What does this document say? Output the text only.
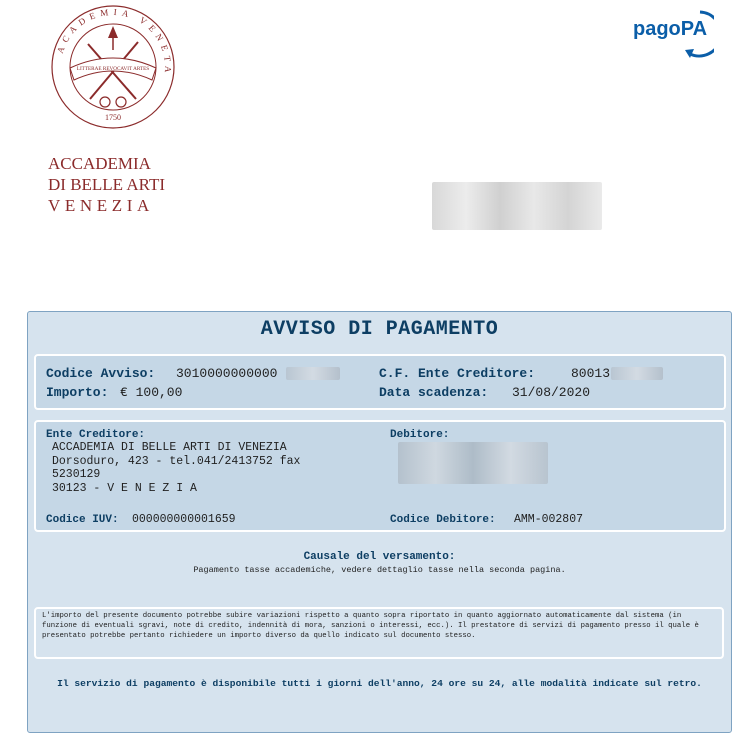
ACADEMIA VENETA
LITTERAE REVOCAVIT ARTES
1750
ACCADEMIA
DI BELLE ARTI
VENEZIA
pagoPA
AVVISO DI PAGAMENTO
Codice Avviso: 3010000000000	C.F. Ente Creditore:	80013
Importo: € 100,00	Data scadenza: 31/08/2020
Ente Creditore:
ACCADEMIA DI BELLE ARTI DI VENEZIA
Dorsoduro, 423 - tel.041/2413752 fax
5230129
30123 - V E N E Z I A
Debitore:
Codice IUV: 000000000001659	Codice Debitore: AMM-002807
Causale del versamento:
Pagamento tasse accademiche, vedere dettaglio tasse nella seconda pagina.
L'importo del presente documento potrebbe subire variazioni rispetto a quanto sopra riportato in quanto aggiornato automaticamente dal sistema (in funzione di eventuali sgravi, note di credito, indennità di mora, sanzioni o interessi, ecc.). Il prestatore di servizi di pagamento presso il quale è presentato potrebbe pertanto richiedere un importo diverso da quello indicato sul documento stesso.
Il servizio di pagamento è disponibile tutti i giorni dell'anno, 24 ore su 24, alle modalità indicate sul retro.
